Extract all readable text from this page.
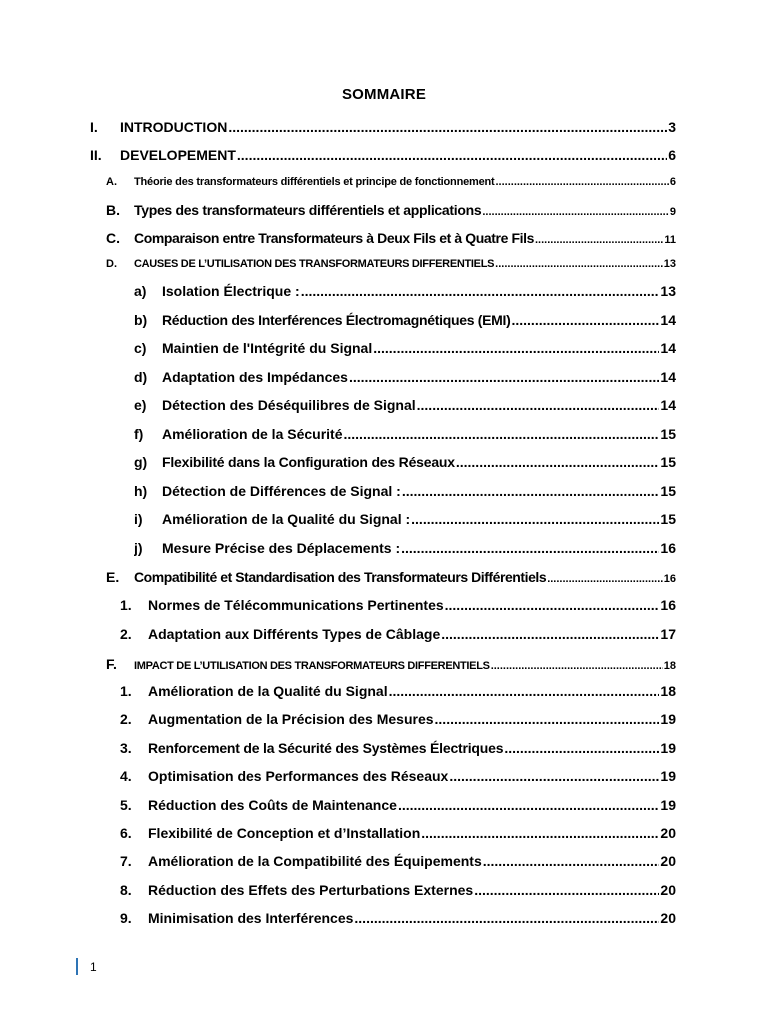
SOMMAIRE
I.	INTRODUCTION .....	3
II.	DEVELOPEMENT .....	6
A.	Théorie des transformateurs différentiels et principe de fonctionnement .....	6
B.	Types des transformateurs différentiels et applications .....	9
C.	Comparaison entre Transformateurs à Deux Fils et à Quatre Fils .....	11
D.	CAUSES DE L’UTILISATION DES TRANSFORMATEURS DIFFERENTIELS .....	13
a)	Isolation Électrique : .....	13
b)	Réduction des Interférences Électromagnétiques (EMI) .....	14
c)	Maintien de l'Intégrité du Signal .....	14
d)	Adaptation des Impédances .....	14
e)	Détection des Déséquilibres de Signal .....	14
f)	Amélioration de la Sécurité .....	15
g)	Flexibilité dans la Configuration des Réseaux .....	15
h)	Détection de Différences de Signal : .....	15
i)	Amélioration de la Qualité du Signal : .....	15
j)	Mesure Précise des Déplacements : .....	16
E.	Compatibilité et Standardisation des Transformateurs Différentiels .....	16
1.	Normes de Télécommunications Pertinentes .....	16
2.	Adaptation aux Différents Types de Câblage .....	17
F.	IMPACT DE L’UTILISATION DES TRANSFORMATEURS DIFFERENTIELS .....	18
1.	Amélioration de la Qualité du Signal .....	18
2.	Augmentation de la Précision des Mesures .....	19
3.	Renforcement de la Sécurité des Systèmes Électriques .....	19
4.	Optimisation des Performances des Réseaux .....	19
5.	Réduction des Coûts de Maintenance .....	19
6.	Flexibilité de Conception et d’Installation .....	20
7.	Amélioration de la Compatibilité des Équipements .....	20
8.	Réduction des Effets des Perturbations Externes .....	20
9.	Minimisation des Interférences .....	20
1
